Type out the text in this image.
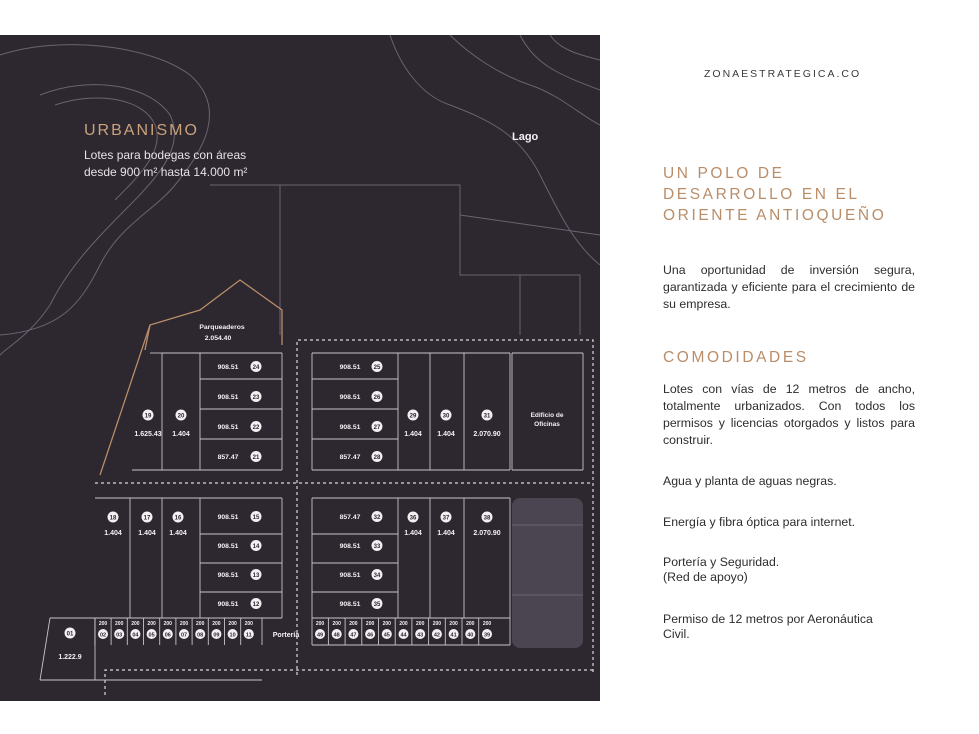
908.51 24
908.51 23
908.51 22
857.47 21
908.51 25
908.51 26
908.51 27
857.47 28
19
1.625.43
20
1.404
29
1.404
30
1.404
31
2.070.90
Parqueaderos
2.054.40
Edificio de
Oficinas
908.51 15
908.51 14
908.51 13
908.51 12
857.47 32
908.51 33
908.51 34
908.51 35
18
1.404
17
1.404
16
1.404
36
1.404
37
1.404
38
2.070.90
01
1.222.9
200
02
200
03
200
04
200
05
200
06
200
07
200
08
200
09
200
10
200
11
200
49
200
48
200
47
200
46
200
45
200
44
200
43
200
42
200
41
200
40
200
39
Portería
URBANISMO
Lotes para bodegas con áreas
desde 900 m² hasta 14.000 m²
Lago
ZONAESTRATEGICA.CO
UN POLO DE
DESARROLLO EN EL
ORIENTE ANTIOQUEÑO

Una oportunidad de inversión segura, garantizada y eficiente para el crecimiento de su empresa.

COMODIDADES

Lotes con vías de 12 metros de ancho, totalmente urbanizados. Con todos los permisos y licencias otorgados y listos para construir.

Agua y planta de aguas negras.

Energía y fibra óptica para internet.

Portería y Seguridad.
(Red de apoyo)

Permiso de 12 metros por Aeronáutica
Civil.
